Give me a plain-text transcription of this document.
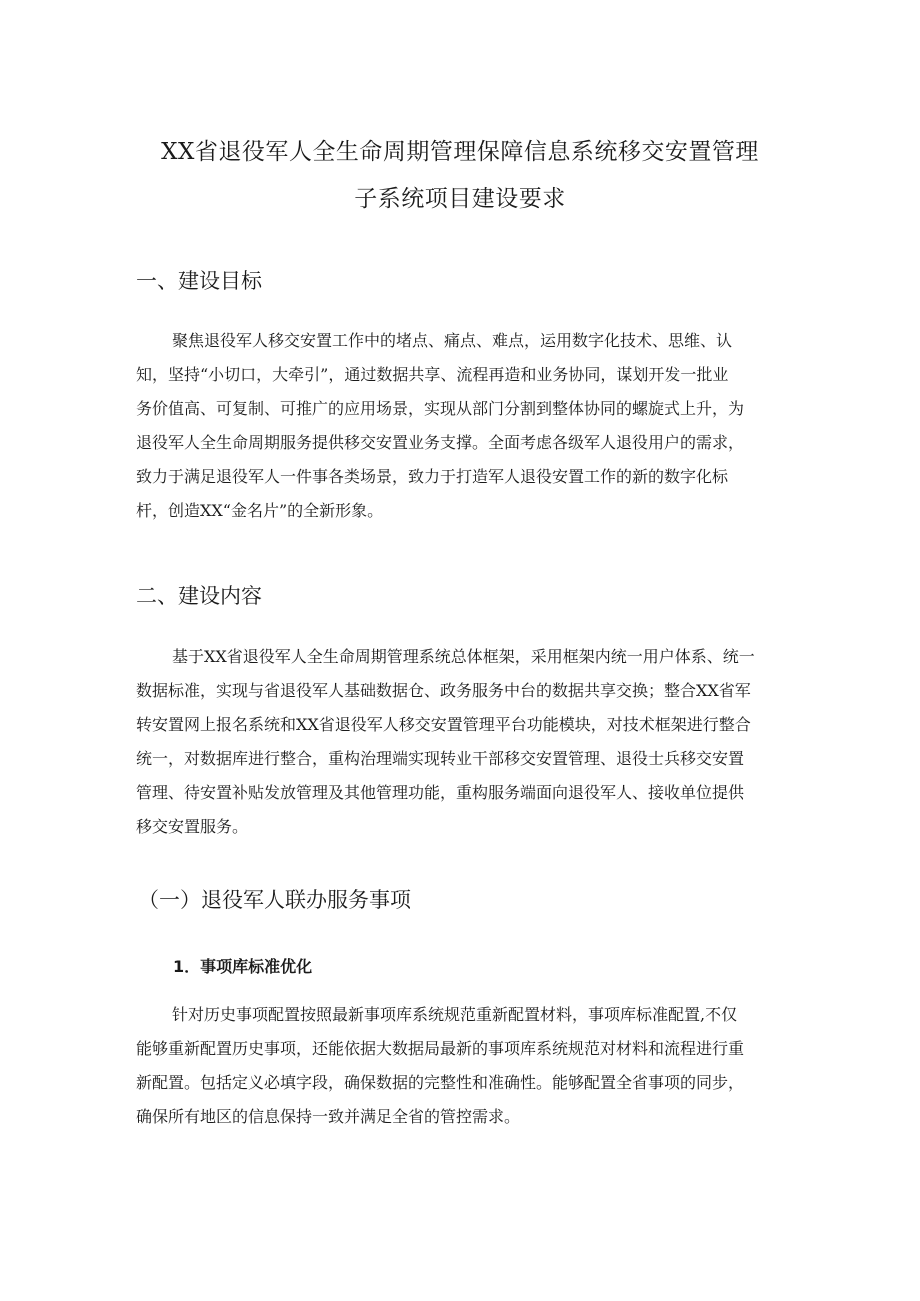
XX省退役军人全生命周期管理保障信息系统移交安置管理
子系统项目建设要求
一、建设目标
聚焦退役军人移交安置工作中的堵点、痛点、难点，运用数字化技术、思维、认
知，坚持“小切口，大牵引”，通过数据共享、流程再造和业务协同，谋划开发一批业
务价值高、可复制、可推广的应用场景，实现从部门分割到整体协同的螺旋式上升，为
退役军人全生命周期服务提供移交安置业务支撑。全面考虑各级军人退役用户的需求，
致力于满足退役军人一件事各类场景，致力于打造军人退役安置工作的新的数字化标
杆，创造XX“金名片”的全新形象。
二、建设内容
基于XX省退役军人全生命周期管理系统总体框架，采用框架内统一用户体系、统一
数据标准，实现与省退役军人基础数据仓、政务服务中台的数据共享交换；整合XX省军
转安置网上报名系统和XX省退役军人移交安置管理平台功能模块，对技术框架进行整合
统一，对数据库进行整合，重构治理端实现转业干部移交安置管理、退役士兵移交安置
管理、待安置补贴发放管理及其他管理功能，重构服务端面向退役军人、接收单位提供
移交安置服务。
（一）退役军人联办服务事项
1．事项库标准优化
针对历史事项配置按照最新事项库系统规范重新配置材料，事项库标准配置,不仅
能够重新配置历史事项，还能依据大数据局最新的事项库系统规范对材料和流程进行重
新配置。包括定义必填字段，确保数据的完整性和准确性。能够配置全省事项的同步，
确保所有地区的信息保持一致并满足全省的管控需求。
